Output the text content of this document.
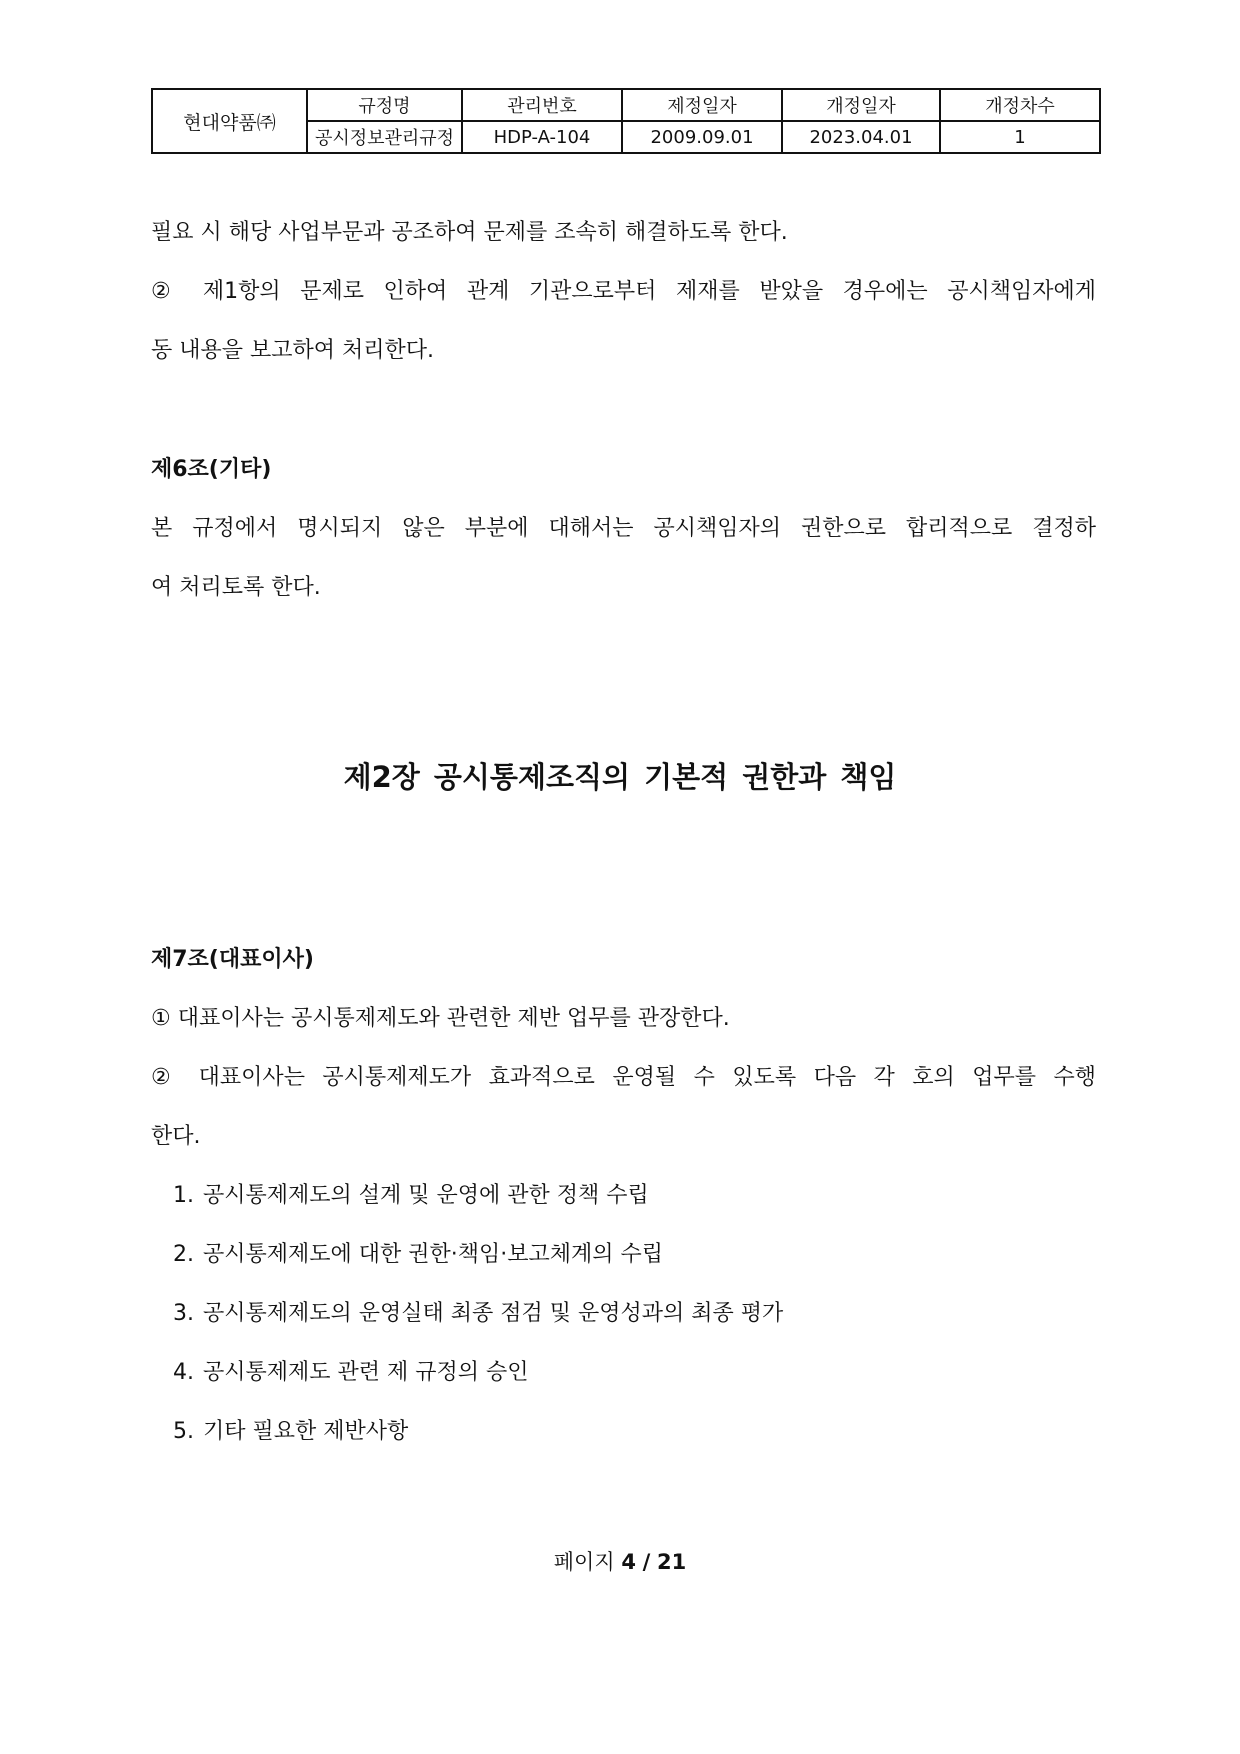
현대약품㈜	규정명	관리번호	제정일자	개정일자	개정차수
	공시정보관리규정	HDP-A-104	2009.09.01	2023.04.01	1
필요 시 해당 사업부문과 공조하여 문제를 조속히 해결하도록 한다.
② 제1항의 문제로 인하여 관계 기관으로부터 제재를 받았을 경우에는 공시책임자에게
동 내용을 보고하여 처리한다.
제6조(기타)
본 규정에서 명시되지 않은 부분에 대해서는 공시책임자의 권한으로 합리적으로 결정하
여 처리토록 한다.
제2장 공시통제조직의 기본적 권한과 책임
제7조(대표이사)
① 대표이사는 공시통제제도와 관련한 제반 업무를 관장한다.
② 대표이사는 공시통제제도가 효과적으로 운영될 수 있도록 다음 각 호의 업무를 수행
한다.
1. 공시통제제도의 설계 및 운영에 관한 정책 수립
2. 공시통제제도에 대한 권한·책임·보고체계의 수립
3. 공시통제제도의 운영실태 최종 점검 및 운영성과의 최종 평가
4. 공시통제제도 관련 제 규정의 승인
5. 기타 필요한 제반사항
페이지 4 / 21
